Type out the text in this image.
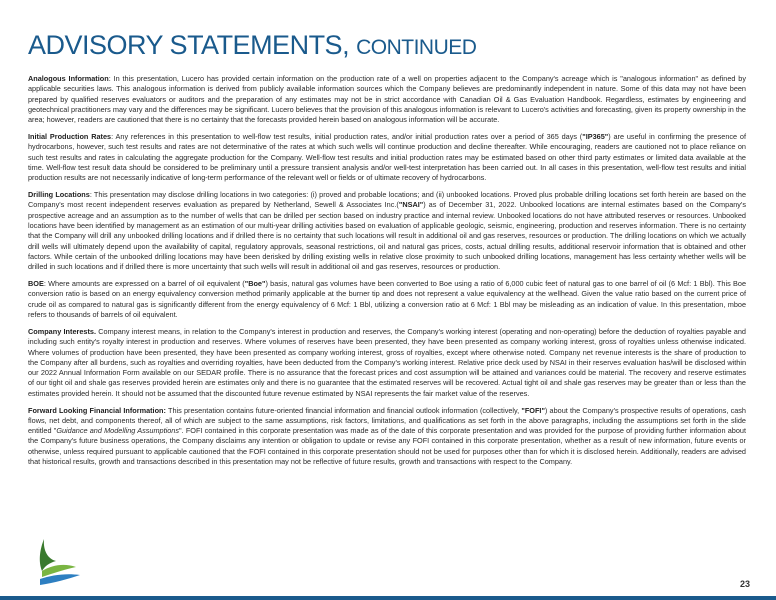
ADVISORY STATEMENTS, CONTINUED

Analogous Information: In this presentation, Lucero has provided certain information on the production rate of a well on properties adjacent to the Company's acreage which is "analogous information" as defined by applicable securities laws. This analogous information is derived from publicly available information sources which the Company believes are predominantly independent in nature. Some of this data may not have been prepared by qualified reserves evaluators or auditors and the preparation of any estimates may not be in strict accordance with Canadian Oil & Gas Evaluation Handbook. Regardless, estimates by engineering and geotechnical practitioners may vary and the differences may be significant. Lucero believes that the provision of this analogous information is relevant to Lucero's activities and forecasting, given its property ownership in the area; however, readers are cautioned that there is no certainty that the forecasts provided herein based on analogous information will be accurate.

Initial Production Rates: Any references in this presentation to well-flow test results, initial production rates, and/or initial production rates over a period of 365 days ("IP365") are useful in confirming the presence of hydrocarbons, however, such test results and rates are not determinative of the rates at which such wells will continue production and decline thereafter. While encouraging, readers are cautioned not to place reliance on such test results and rates in calculating the aggregate production for the Company. Well-flow test results and initial production rates may be estimated based on other third party estimates or limited data available at the time. Well-flow test result data should be considered to be preliminary until a pressure transient analysis and/or well-test interpretation has been carried out. In all cases in this presentation, well-flow test results and initial production results are not necessarily indicative of long-term performance of the relevant well or fields or of ultimate recovery of hydrocarbons.

Drilling Locations: This presentation may disclose drilling locations in two categories: (i) proved and probable locations; and (ii) unbooked locations. Proved plus probable drilling locations set forth herein are based on the Company's most recent independent reserves evaluation as prepared by Netherland, Sewell & Associates Inc.("NSAI") as of December 31, 2022. Unbooked locations are internal estimates based on the Company's prospective acreage and an assumption as to the number of wells that can be drilled per section based on industry practice and internal review. Unbooked locations do not have attributed reserves or resources. Unbooked locations have been identified by management as an estimation of our multi-year drilling activities based on evaluation of applicable geologic, seismic, engineering, production and reserves information. There is no certainty that the Company will drill any unbooked drilling locations and if drilled there is no certainty that such locations will result in additional oil and gas reserves, resources or production. The drilling locations on which we actually drill wells will ultimately depend upon the availability of capital, regulatory approvals, seasonal restrictions, oil and natural gas prices, costs, actual drilling results, additional reservoir information that is obtained and other factors. While certain of the unbooked drilling locations may have been derisked by drilling existing wells in relative close proximity to such unbooked drilling locations, management has less certainty whether wells will be drilled in such locations and if drilled there is more uncertainty that such wells will result in additional oil and gas reserves, resources or production.

BOE: Where amounts are expressed on a barrel of oil equivalent ("Boe") basis, natural gas volumes have been converted to Boe using a ratio of 6,000 cubic feet of natural gas to one barrel of oil (6 Mcf: 1 Bbl). This Boe conversion ratio is based on an energy equivalency conversion method primarily applicable at the burner tip and does not represent a value equivalency at the wellhead. Given the value ratio based on the current price of crude oil as compared to natural gas is significantly different from the energy equivalency of 6 Mcf: 1 Bbl, utilizing a conversion ratio at 6 Mcf: 1 Bbl may be misleading as an indication of value. In this presentation, mboe refers to thousands of barrels of oil equivalent.

Company Interests. Company interest means, in relation to the Company's interest in production and reserves, the Company's working interest (operating and non-operating) before the deduction of royalties payable and including such entity's royalty interest in production and reserves. Where volumes of reserves have been presented, they have been presented as company working interest, gross of royalties unless otherwise indicated. Where volumes of production have been presented, they have been presented as company working interest, gross of royalties, except where otherwise noted. Company net revenue interests is the share of production to the Company after all burdens, such as royalties and overriding royalties, have been deducted from the Company's working interest. Relative price deck used by NSAI in their reserves evaluation has/will be disclosed within our 2022 Annual Information Form available on our SEDAR profile. There is no assurance that the forecast prices and cost assumption will be attained and variances could be material. The recovery and reserve estimates of our tight oil and shale gas reserves provided herein are estimates only and there is no guarantee that the estimated reserves will be recovered. Actual tight oil and shale gas reserves may be greater than or less than the estimates provided herein. It should not be assumed that the discounted future revenue estimated by NSAI represents the fair market value of the reserves.

Forward Looking Financial Information: This presentation contains future-oriented financial information and financial outlook information (collectively, "FOFI") about the Company's prospective results of operations, cash flows, net debt, and components thereof, all of which are subject to the same assumptions, risk factors, limitations, and qualifications as set forth in the above paragraphs, including the assumptions set forth in the slide entitled "Guidance and Modelling Assumptions". FOFI contained in this corporate presentation was made as of the date of this corporate presentation and was provided for the purpose of providing further information about the Company's future business operations, the Company disclaims any intention or obligation to update or revise any FOFI contained in this corporate presentation, whether as a result of new information, future events or otherwise, unless required pursuant to applicable cautioned that the FOFI contained in this corporate presentation should not be used for purposes other than for which it is disclosed herein. Additionally, readers are advised that historical results, growth and transactions described in this presentation may not be reflective of future results, growth and transactions with respect to the Company.

23
